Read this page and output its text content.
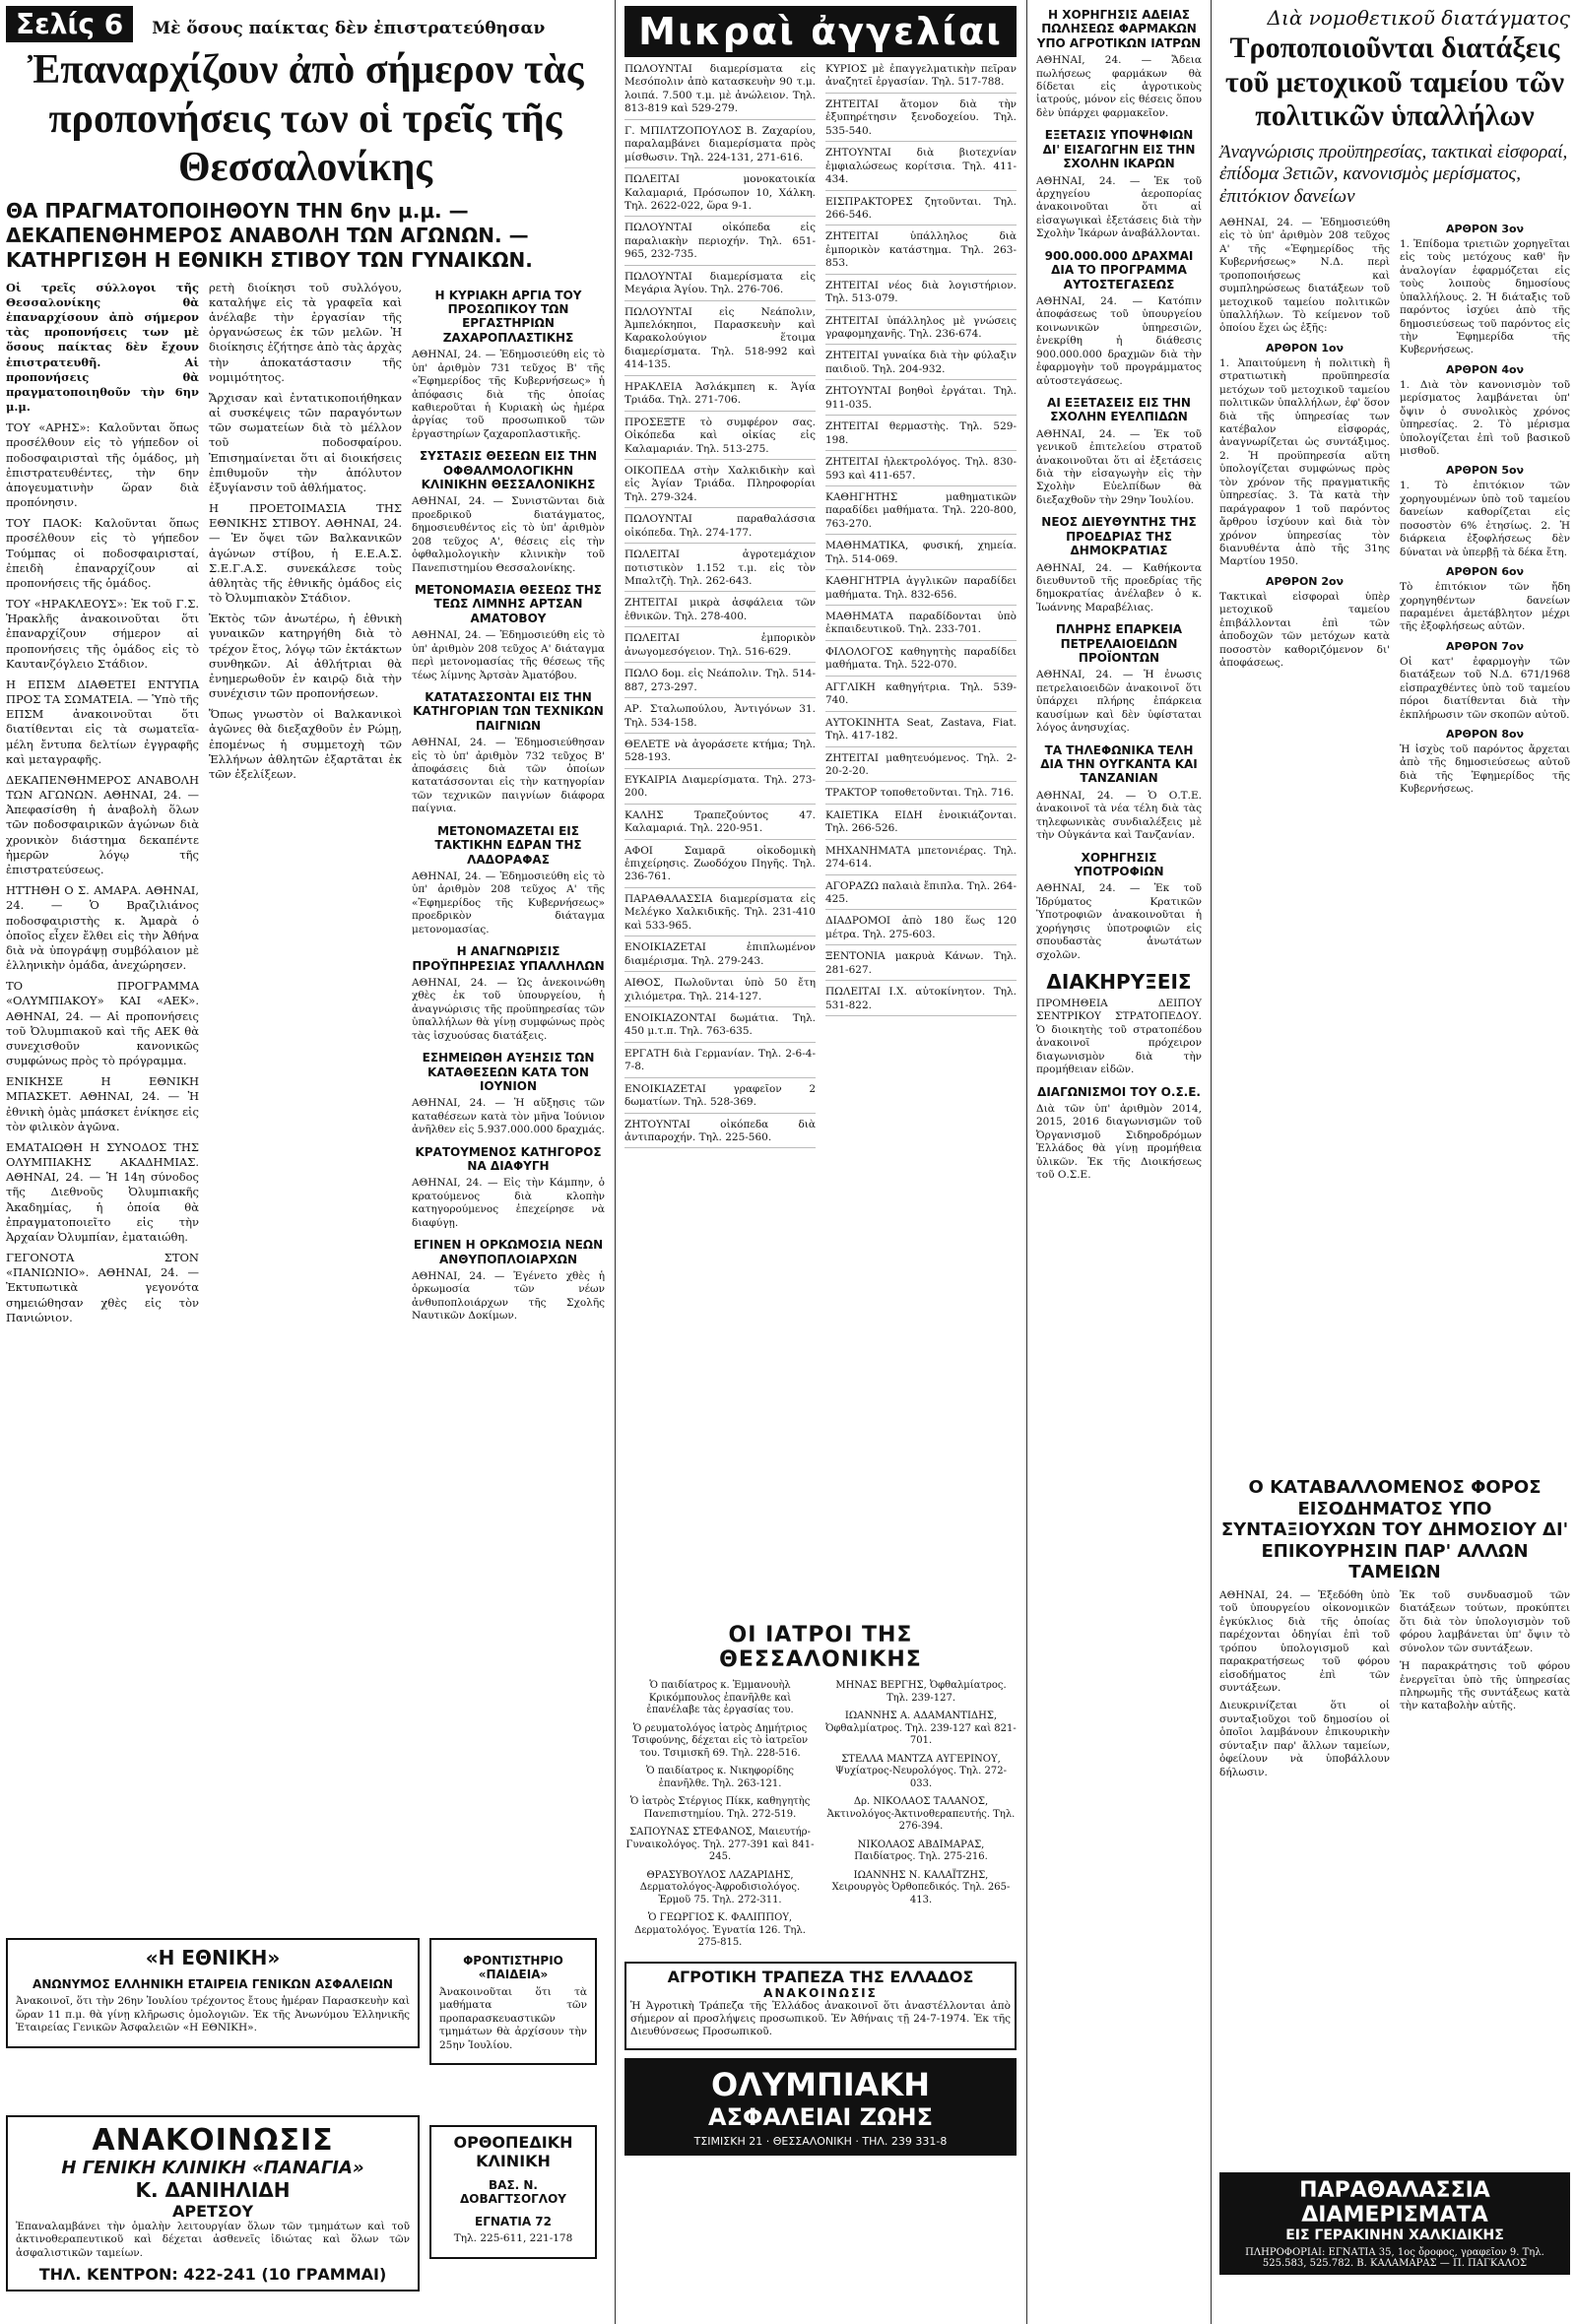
Σελίς 6 Μὲ ὅσους παίκτας δὲν ἐπιστρατεύθησαν
Ἐπαναρχίζουν ἀπὸ σήμερον τὰς προπονήσεις των οἱ τρεῖς τῆς Θεσσαλονίκης
ΘΑ ΠΡΑΓΜΑΤΟΠΟΙΗΘΟΥΝ ΤΗΝ 6ην μ.μ. — ΔΕΚΑΠΕΝΘΗΜΕΡΟΣ ΑΝΑΒΟΛΗ ΤΩΝ ΑΓΩΝΩΝ. — ΚΑΤΗΡΓΙΣΘΗ Η ΕΘΝΙΚΗ ΣΤΙΒΟΥ ΤΩΝ ΓΥΝΑΙΚΩΝ.

Οἱ τρεῖς σύλλογοι τῆς Θεσσαλονίκης θὰ ἐπαναρχίσουν ἀπὸ σήμερον τὰς προπονήσεις των μὲ ὅσους παίκτας δὲν ἔχουν ἐπιστρατευθῆ. Αἱ προπονήσεις θὰ πραγματοποιηθοῦν τὴν 6ην μ.μ.

ΤΟΥ «ΑΡΗΣ»: Καλοῦνται ὅπως προσέλθουν εἰς τὸ γήπεδον οἱ ποδοσφαιρισταὶ τῆς ὁμάδος, μὴ ἐπιστρατευθέντες, τὴν 6ην ἀπογευματινὴν ὥραν διὰ προπόνησιν.

ΤΟΥ ΠΑΟΚ: Καλοῦνται ὅπως προσέλθουν εἰς τὸ γήπεδον Τούμπας οἱ ποδοσφαιρισταί, ἐπειδὴ ἐπαναρχίζουν αἱ προπονήσεις τῆς ὁμάδος.

ΤΟΥ «ΗΡΑΚΛΕΟΥΣ»: Ἐκ τοῦ Γ.Σ. Ἡρακλῆς ἀνακοινοῦται ὅτι ἐπαναρχίζουν σήμερον αἱ προπονήσεις τῆς ὁμάδος εἰς τὸ Καυτανζόγλειο Στάδιον.

Η ΕΠΣΜ ΔΙΑΘΕΤΕΙ ΕΝΤΥΠΑ ΠΡΟΣ ΤΑ ΣΩΜΑΤΕΙΑ. — Ὑπὸ τῆς ΕΠΣΜ ἀνακοινοῦται ὅτι διατίθενται εἰς τὰ σωματεῖα-μέλη ἔντυπα δελτίων ἐγγραφῆς καὶ μεταγραφῆς.

ΔΕΚΑΠΕΝΘΗΜΕΡΟΣ ΑΝΑΒΟΛΗ ΤΩΝ ΑΓΩΝΩΝ. ΑΘΗΝΑΙ, 24. — Ἀπεφασίσθη ἡ ἀναβολὴ ὅλων τῶν ποδοσφαιρικῶν ἀγώνων διὰ χρονικὸν διάστημα δεκαπέντε ἡμερῶν λόγῳ τῆς ἐπιστρατεύσεως.

ΗΤΤΗΘΗ Ο Σ. ΑΜΑΡΑ. ΑΘΗΝΑΙ, 24. — Ὁ Βραζιλιάνος ποδοσφαιριστὴς κ. Ἀμαρὰ ὁ ὁποῖος εἶχεν ἔλθει εἰς τὴν Ἀθήνα διὰ νὰ ὑπογράψῃ συμβόλαιον μὲ ἑλληνικὴν ὁμάδα, ἀνεχώρησεν.

ΤΟ ΠΡΟΓΡΑΜΜΑ «ΟΛΥΜΠΙΑΚΟΥ» ΚΑΙ «ΑΕΚ». ΑΘΗΝΑΙ, 24. — Αἱ προπονήσεις τοῦ Ὀλυμπιακοῦ καὶ τῆς ΑΕΚ θὰ συνεχισθοῦν κανονικῶς συμφώνως πρὸς τὸ πρόγραμμα.

ΕΝΙΚΗΣΕ Η ΕΘΝΙΚΗ ΜΠΑΣΚΕΤ. ΑΘΗΝΑΙ, 24. — Ἡ ἐθνικὴ ὁμὰς μπάσκετ ἐνίκησε εἰς τὸν φιλικὸν ἀγῶνα.

ΕΜΑΤΑΙΩΘΗ Η ΣΥΝΟΔΟΣ ΤΗΣ ΟΛΥΜΠΙΑΚΗΣ ΑΚΑΔΗΜΙΑΣ. ΑΘΗΝΑΙ, 24. — Ἡ 14η σύνοδος τῆς Διεθνοῦς Ὀλυμπιακῆς Ἀκαδημίας, ἡ ὁποία θὰ ἐπραγματοποιεῖτο εἰς τὴν Ἀρχαίαν Ὀλυμπίαν, ἐματαιώθη.

ΓΕΓΟΝΟΤΑ ΣΤΟΝ «ΠΑΝΙΩΝΙΟ». ΑΘΗΝΑΙ, 24. — Ἐκτυπωτικὰ γεγονότα σημειώθησαν χθὲς εἰς τὸν Πανιώνιον.

ρετὴ διοίκησι τοῦ συλλόγου, καταλήψε εἰς τὰ γραφεῖα καὶ ἀνέλαβε τὴν ἐργασίαν τῆς ὀργανώσεως ἐκ τῶν μελῶν. Ἡ διοίκησις ἐζήτησε ἀπὸ τὰς ἀρχὰς τὴν ἀποκατάστασιν τῆς νομιμότητος.

Ἄρχισαν καὶ ἐντατικοποιήθηκαν αἱ συσκέψεις τῶν παραγόντων τῶν σωματείων διὰ τὸ μέλλον τοῦ ποδοσφαίρου. Ἐπισημαίνεται ὅτι αἱ διοικήσεις ἐπιθυμοῦν τὴν ἀπόλυτον ἐξυγίανσιν τοῦ ἀθλήματος.

Η ΠΡΟΕΤΟΙΜΑΣΙΑ ΤΗΣ ΕΘΝΙΚΗΣ ΣΤΙΒΟΥ. ΑΘΗΝΑΙ, 24. — Ἐν ὄψει τῶν Βαλκανικῶν ἀγώνων στίβου, ἡ Ε.Ε.Α.Σ. Σ.Ε.Γ.Α.Σ. συνεκάλεσε τοὺς ἀθλητὰς τῆς ἐθνικῆς ὁμάδος εἰς τὸ Ὀλυμπιακὸν Στάδιον.

Ἐκτὸς τῶν ἀνωτέρω, ἡ ἐθνικὴ γυναικῶν κατηργήθη διὰ τὸ τρέχον ἔτος, λόγῳ τῶν ἐκτάκτων συνθηκῶν. Αἱ ἀθλήτριαι θὰ ἐνημερωθοῦν ἐν καιρῷ διὰ τὴν συνέχισιν τῶν προπονήσεων.

Ὅπως γνωστὸν οἱ Βαλκανικοὶ ἀγῶνες θὰ διεξαχθοῦν ἐν Ρώμῃ, ἐπομένως ἡ συμμετοχὴ τῶν Ἑλλήνων ἀθλητῶν ἐξαρτᾶται ἐκ τῶν ἐξελίξεων.

Η ΚΥΡΙΑΚΗ ΑΡΓΙΑ ΤΟΥ ΠΡΟΣΩΠΙΚΟΥ ΤΩΝ ΕΡΓΑΣΤΗΡΙΩΝ ΖΑΧΑΡΟΠΛΑΣΤΙΚΗΣ

ΑΘΗΝΑΙ, 24. — Ἐδημοσιεύθη εἰς τὸ ὑπ' ἀριθμὸν 731 τεῦχος Β' τῆς «Ἐφημερίδος τῆς Κυβερνήσεως» ἡ ἀπόφασις διὰ τῆς ὁποίας καθιεροῦται ἡ Κυριακὴ ὡς ἡμέρα ἀργίας τοῦ προσωπικοῦ τῶν ἐργαστηρίων ζαχαροπλαστικῆς.

ΣΥΣΤΑΣΙΣ ΘΕΣΕΩΝ ΕΙΣ ΤΗΝ ΟΦΘΑΛΜΟΛΟΓΙΚΗΝ ΚΛΙΝΙΚΗΝ ΘΕΣΣΑΛΟΝΙΚΗΣ

ΑΘΗΝΑΙ, 24. — Συνιστῶνται διὰ προεδρικοῦ διατάγματος, δημοσιευθέντος εἰς τὸ ὑπ' ἀριθμὸν 208 τεῦχος Α', θέσεις εἰς τὴν ὀφθαλμολογικὴν κλινικὴν τοῦ Πανεπιστημίου Θεσσαλονίκης.

ΜΕΤΟΝΟΜΑΣΙΑ ΘΕΣΕΩΣ ΤΗΣ ΤΕΩΣ ΛΙΜΝΗΣ ΑΡΤΣΑΝ ΑΜΑΤΟΒΟΥ

ΑΘΗΝΑΙ, 24. — Ἐδημοσιεύθη εἰς τὸ ὑπ' ἀριθμὸν 208 τεῦχος Α' διάταγμα περὶ μετονομασίας τῆς θέσεως τῆς τέως λίμνης Ἀρτσὰν Ἀματόβου.

ΚΑΤΑΤΑΣΣΟΝΤΑΙ ΕΙΣ ΤΗΝ ΚΑΤΗΓΟΡΙΑΝ ΤΩΝ ΤΕΧΝΙΚΩΝ ΠΑΙΓΝΙΩΝ

ΑΘΗΝΑΙ, 24. — Ἐδημοσιεύθησαν εἰς τὸ ὑπ' ἀριθμὸν 732 τεῦχος Β' ἀποφάσεις διὰ τῶν ὁποίων κατατάσσονται εἰς τὴν κατηγορίαν τῶν τεχνικῶν παιγνίων διάφορα παίγνια.

ΜΕΤΟΝΟΜΑΖΕΤΑΙ ΕΙΣ ΤΑΚΤΙΚΗΝ ΕΔΡΑΝ ΤΗΣ ΛΑΔΟΡΑΦΑΣ

ΑΘΗΝΑΙ, 24. — Ἐδημοσιεύθη εἰς τὸ ὑπ' ἀριθμὸν 208 τεῦχος Α' τῆς «Ἐφημερίδος τῆς Κυβερνήσεως» προεδρικὸν διάταγμα μετονομασίας.

Η ΑΝΑΓΝΩΡΙΣΙΣ ΠΡΟΫΠΗΡΕΣΙΑΣ ΥΠΑΛΛΗΛΩΝ

ΑΘΗΝΑΙ, 24. — Ὡς ἀνεκοινώθη χθὲς ἐκ τοῦ ὑπουργείου, ἡ ἀναγνώρισις τῆς προϋπηρεσίας τῶν ὑπαλλήλων θὰ γίνῃ συμφώνως πρὸς τὰς ἰσχυούσας διατάξεις.

ΕΣΗΜΕΙΩΘΗ ΑΥΞΗΣΙΣ ΤΩΝ ΚΑΤΑΘΕΣΕΩΝ ΚΑΤΑ ΤΟΝ ΙΟΥΝΙΟΝ

ΑΘΗΝΑΙ, 24. — Ἡ αὔξησις τῶν καταθέσεων κατὰ τὸν μῆνα Ἰούνιον ἀνῆλθεν εἰς 5.937.000.000 δραχμάς.

ΚΡΑΤΟΥΜΕΝΟΣ ΚΑΤΗΓΟΡΟΣ ΝΑ ΔΙΑΦΥΓΗ

ΑΘΗΝΑΙ, 24. — Εἰς τὴν Κάμπην, ὁ κρατούμενος διὰ κλοπὴν κατηγορούμενος ἐπεχείρησε νὰ διαφύγῃ.

ΕΓΙΝΕΝ Η ΟΡΚΩΜΟΣΙΑ ΝΕΩΝ ΑΝΘΥΠΟΠΛΟΙΑΡΧΩΝ

ΑΘΗΝΑΙ, 24. — Ἐγένετο χθὲς ἡ ὁρκωμοσία τῶν νέων ἀνθυποπλοιάρχων τῆς Σχολῆς Ναυτικῶν Δοκίμων.

«Η ΕΘΝΙΚΗ»
ΑΝΩΝΥΜΟΣ ΕΛΛΗΝΙΚΗ ΕΤΑΙΡΕΙΑ ΓΕΝΙΚΩΝ ΑΣΦΑΛΕΙΩΝ

Ἀνακοινοῖ, ὅτι τὴν 26ην Ἰουλίου τρέχοντος ἔτους ἡμέραν Παρασκευὴν καὶ ὥραν 11 π.μ. θὰ γίνῃ κλῆρωσις ὁμολογιῶν. Ἐκ τῆς Ἀνωνύμου Ἑλληνικῆς Ἑταιρείας Γενικῶν Ἀσφαλειῶν «Η ΕΘΝΙΚΗ».

ΑΝΑΚΟΙΝΩΣΙΣ
Η ΓΕΝΙΚΗ ΚΛΙΝΙΚΗ «ΠΑΝΑΓΙΑ»
Κ. ΔΑΝΙΗΛΙΔΗ
ΑΡΕΤΣΟΥ

Ἐπαναλαμβάνει τὴν ὁμαλὴν λειτουργίαν ὅλων τῶν τμημάτων καὶ τοῦ ἀκτινοθεραπευτικοῦ καὶ δέχεται ἀσθενεῖς ἰδιώτας καὶ ὅλων τῶν ἀσφαλιστικῶν ταμείων.

ΤΗΛ. ΚΕΝΤΡΟΝ: 422-241 (10 ΓΡΑΜΜΑΙ)
ΦΡΟΝΤΙΣΤΗΡΙΟ «ΠΑΙΔΕΙΑ»

Ἀνακοινοῦται ὅτι τὰ μαθήματα τῶν προπαρασκευαστικῶν τμημάτων θὰ ἀρχίσουν τὴν 25ην Ἰουλίου.

ΟΡΘΟΠΕΔΙΚΗ ΚΛΙΝΙΚΗ
ΒΑΣ. Ν. ΔΟΒΑΓΤΣΟΓΛΟΥ
ΕΓΝΑΤΙΑ 72
Τηλ. 225-611, 221-178
Μικραὶ ἀγγελίαι

ΠΩΛΟΥΝΤΑΙ διαμερίσματα εἰς Μεσόπολιν ἀπὸ κατασκευὴν 90 τ.μ. λοιπά. 7.500 τ.μ. μὲ ἀνώλειον. Τηλ. 813-819 καὶ 529-279.

Γ. ΜΠΙΛΤΖΟΠΟΥΛΟΣ Β. Ζαχαρίου, παραλαμβάνει διαμερίσματα πρὸς μίσθωσιν. Τηλ. 224-131, 271-616.

ΠΩΛΕΙΤΑΙ μονοκατοικία Καλαμαριά, Πρόσωπον 10, Χάλκη. Τηλ. 2622-022, ὥρα 9-1.

ΠΩΛΟΥΝΤΑΙ οἰκόπεδα εἰς παραλιακὴν περιοχήν. Τηλ. 651-965, 232-735.

ΠΩΛΟΥΝΤΑΙ διαμερίσματα εἰς Μεγάρια Ἁγίου. Τηλ. 276-706.

ΠΩΛΟΥΝΤΑΙ εἰς Νεάπολιν, Ἀμπελόκηποι, Παρασκευὴν καὶ Καρακολούγιον ἕτοιμα διαμερίσματα. Τηλ. 518-992 καὶ 414-135.

ΗΡΑΚΛΕΙΑ Ἀσλάκμπεη κ. Ἁγία Τριάδα. Τηλ. 271-706.

ΠΡΟΣΕΞΤΕ τὸ συμφέρον σας. Οἰκόπεδα καὶ οἰκίας εἰς Καλαμαριάν. Τηλ. 513-275.

ΟΙΚΟΠΕΔΑ στὴν Χαλκιδικὴν καὶ εἰς Ἁγίαν Τριάδα. Πληροφορίαι Τηλ. 279-324.

ΠΩΛΟΥΝΤΑΙ παραθαλάσσια οἰκόπεδα. Τηλ. 274-177.

ΠΩΛΕΙΤΑΙ ἀγροτεμάχιον ποτιστικὸν 1.152 τ.μ. εἰς τὸν Μπαλτζὴ. Τηλ. 262-643.

ΖΗΤΕΙΤΑΙ μικρὰ ἀσφάλεια τῶν ἐθνικῶν. Τηλ. 278-400.

ΠΩΛΕΙΤΑΙ ἐμπορικὸν ἀνωγομεσόγειον. Τηλ. 516-629.

ΠΩΛΟ δομ. εἰς Νεάπολιν. Τηλ. 514-887, 273-297.

ΑΡ. Σταλωπούλου, Ἀντιγόνων 31. Τηλ. 534-158.

ΘΕΛΕΤΕ νὰ ἀγοράσετε κτήμα; Τηλ. 528-193.

ΕΥΚΑΙΡΙΑ Διαμερίσματα. Τηλ. 273-200.

ΚΑΛΗΣ Τραπεζούντος 47. Καλαμαριά. Τηλ. 220-951.

ΑΦΟΙ Σαμαρᾶ οἰκοδομικὴ ἐπιχείρησις. Ζωοδόχου Πηγῆς. Τηλ. 236-761.

ΠΑΡΑΘΑΛΑΣΣΙΑ διαμερίσματα εἰς Μελέγκο Χαλκιδικῆς. Τηλ. 231-410 καὶ 533-965.

ΕΝΟΙΚΙΑΖΕΤΑΙ ἐπιπλωμένον διαμέρισμα. Τηλ. 279-243.

ΑΙΘΟΣ, Πωλοῦνται ὑπὸ 50 ἔτη χιλιόμετρα. Τηλ. 214-127.

ΕΝΟΙΚΙΑΖΟΝΤΑΙ δωμάτια. Τηλ. 450 μ.τ.π. Τηλ. 763-635.

ΕΡΓΑΤΗ διὰ Γερμανίαν. Τηλ. 2-6-4-7-8.

ΕΝΟΙΚΙΑΖΕΤΑΙ γραφεῖον 2 δωματίων. Τηλ. 528-369.

ΖΗΤΟΥΝΤΑΙ οἰκόπεδα διὰ ἀντιπαροχήν. Τηλ. 225-560.

ΚΥΡΙΟΣ μὲ ἐπαγγελματικὴν πεῖραν ἀναζητεῖ ἐργασίαν. Τηλ. 517-788.

ΖΗΤΕΙΤΑΙ ἄτομον διὰ τὴν ἐξυπηρέτησιν ξενοδοχείου. Τηλ. 535-540.

ΖΗΤΟΥΝΤΑΙ διὰ βιοτεχνίαν ἐμφιαλώσεως κορίτσια. Τηλ. 411-434.

ΕΙΣΠΡΑΚΤΟΡΕΣ ζητοῦνται. Τηλ. 266-546.

ΖΗΤΕΙΤΑΙ ὑπάλληλος διὰ ἐμπορικὸν κατάστημα. Τηλ. 263-853.

ΖΗΤΕΙΤΑΙ νέος διὰ λογιστήριον. Τηλ. 513-079.

ΖΗΤΕΙΤΑΙ ὑπάλληλος μὲ γνώσεις γραφομηχανῆς. Τηλ. 236-674.

ΖΗΤΕΙΤΑΙ γυναίκα διὰ τὴν φύλαξιν παιδιοῦ. Τηλ. 204-932.

ΖΗΤΟΥΝΤΑΙ βοηθοὶ ἐργάται. Τηλ. 911-035.

ΖΗΤΕΙΤΑΙ θερμαστὴς. Τηλ. 529-198.

ΖΗΤΕΙΤΑΙ ἠλεκτρολόγος. Τηλ. 830-593 καὶ 411-657.

ΚΑΘΗΓΗΤΗΣ μαθηματικῶν παραδίδει μαθήματα. Τηλ. 220-800, 763-270.

ΜΑΘΗΜΑΤΙΚΑ, φυσική, χημεία. Τηλ. 514-069.

ΚΑΘΗΓΗΤΡΙΑ ἀγγλικῶν παραδίδει μαθήματα. Τηλ. 832-656.

ΜΑΘΗΜΑΤΑ παραδίδονται ὑπὸ ἐκπαιδευτικοῦ. Τηλ. 233-701.

ΦΙΛΟΛΟΓΟΣ καθηγητὴς παραδίδει μαθήματα. Τηλ. 522-070.

ΑΓΓΛΙΚΗ καθηγήτρια. Τηλ. 539-740.

ΑΥΤΟΚΙΝΗΤΑ Seat, Zastava, Fiat. Τηλ. 417-182.

ΖΗΤΕΙΤΑΙ μαθητευόμενος. Τηλ. 2-20-2-20.

ΤΡΑΚΤΟΡ τοποθετοῦνται. Τηλ. 716.

ΚΑΙΕΤΙΚΑ ΕΙΔΗ ἐνοικιάζονται. Τηλ. 266-526.

ΜΗΧΑΝΗΜΑΤΑ μπετονιέρας. Τηλ. 274-614.

ΑΓΟΡΑΖΩ παλαιὰ ἔπιπλα. Τηλ. 264-425.

ΔΙΑΔΡΟΜΟΙ ἀπὸ 180 ἕως 120 μέτρα. Τηλ. 275-603.

ΞΕΝΤΟΝΙΑ μακρυὰ Κάνων. Τηλ. 281-627.

ΠΩΛΕΙΤΑΙ Ι.Χ. αὐτοκίνητον. Τηλ. 531-822.

ΟΙ ΙΑΤΡΟΙ ΤΗΣ ΘΕΣΣΑΛΟΝΙΚΗΣ

Ὁ παιδίατρος κ. Ἐμμανουὴλ Κρικόμπουλος ἐπανῆλθε καὶ ἐπανέλαβε τὰς ἐργασίας του.

Ὁ ρευματολόγος ἰατρὸς Δημήτριος Τσιφούνης, δέχεται εἰς τὸ ἰατρεῖον του. Τσιμισκῆ 69. Τηλ. 228-516.

Ὁ παιδίατρος κ. Νικηφορίδης ἐπανῆλθε. Τηλ. 263-121.

Ὁ ἰατρὸς Στέργιος Πίκκ, καθηγητὴς Πανεπιστημίου. Τηλ. 272-519.

ΣΑΠΟΥΝΑΣ ΣΤΕΦΑΝΟΣ, Μαιευτήρ-Γυναικολόγος. Τηλ. 277-391 καὶ 841-245.

ΘΡΑΣΥΒΟΥΛΟΣ ΛΑΖΑΡΙΔΗΣ, Δερματολόγος-Ἀφροδισιολόγος. Ἑρμοῦ 75. Τηλ. 272-311.

Ὁ ΓΕΩΡΓΙΟΣ Κ. ΦΑΛΙΠΠΟΥ, Δερματολόγος. Ἐγνατία 126. Τηλ. 275-815.

ΜΗΝΑΣ ΒΕΡΓΗΣ, Ὀφθαλμίατρος. Τηλ. 239-127.

ΙΩΑΝΝΗΣ Α. ΑΔΑΜΑΝΤΙΔΗΣ, Ὀφθαλμίατρος. Τηλ. 239-127 καὶ 821-701.

ΣΤΕΛΛΑ ΜΑΝΤΖΑ ΑΥΓΕΡΙΝΟΥ, Ψυχίατρος-Νευρολόγος. Τηλ. 272-033.

Δρ. ΝΙΚΟΛΑΟΣ ΤΑΛΑΝΟΣ, Ἀκτινολόγος-Ἀκτινοθεραπευτής. Τηλ. 276-394.

ΝΙΚΟΛΑΟΣ ΑΒΔΙΜΑΡΑΣ, Παιδίατρος. Τηλ. 275-216.

ΙΩΑΝΝΗΣ Ν. ΚΑΛΑΪΤΖΗΣ, Χειρουργὸς Ὀρθοπεδικός. Τηλ. 265-413.

ΑΓΡΟΤΙΚΗ ΤΡΑΠΕΖΑ ΤΗΣ ΕΛΛΑΔΟΣ
ΑΝΑΚΟΙΝΩΣΙΣ

Ἡ Ἀγροτικὴ Τράπεζα τῆς Ἑλλάδος ἀνακοινοῖ ὅτι ἀναστέλλονται ἀπὸ σήμερον αἱ προσλήψεις προσωπικοῦ. Ἐν Ἀθήναις τῇ 24-7-1974. Ἐκ τῆς Διευθύνσεως Προσωπικοῦ.

ΟΛΥΜΠΙΑΚΗ
ΑΣΦΑΛΕΙΑΙ ΖΩΗΣ
ΤΣΙΜΙΣΚΗ 21 · ΘΕΣΣΑΛΟΝΙΚΗ · ΤΗΛ. 239 331-8
Η ΧΟΡΗΓΗΣΙΣ ΑΔΕΙΑΣ ΠΩΛΗΣΕΩΣ ΦΑΡΜΑΚΩΝ ΥΠΟ ΑΓΡΟΤΙΚΩΝ ΙΑΤΡΩΝ

ΑΘΗΝΑΙ, 24. — Ἄδεια πωλήσεως φαρμάκων θὰ δίδεται εἰς ἀγροτικοὺς ἰατρούς, μόνον εἰς θέσεις ὅπου δὲν ὑπάρχει φαρμακεῖον.

ΕΞΕΤΑΣΙΣ ΥΠΟΨΗΦΙΩΝ ΔΙ' ΕΙΣΑΓΩΓΗΝ ΕΙΣ ΤΗΝ ΣΧΟΛΗΝ ΙΚΑΡΩΝ

ΑΘΗΝΑΙ, 24. — Ἐκ τοῦ ἀρχηγείου ἀεροπορίας ἀνακοινοῦται ὅτι αἱ εἰσαγωγικαὶ ἐξετάσεις διὰ τὴν Σχολὴν Ἰκάρων ἀναβάλλονται.

900.000.000 ΔΡΑΧΜΑΙ ΔΙΑ ΤΟ ΠΡΟΓΡΑΜΜΑ ΑΥΤΟΣΤΕΓΑΣΕΩΣ

ΑΘΗΝΑΙ, 24. — Κατόπιν ἀποφάσεως τοῦ ὑπουργείου κοινωνικῶν ὑπηρεσιῶν, ἐνεκρίθη ἡ διάθεσις 900.000.000 δραχμῶν διὰ τὴν ἐφαρμογὴν τοῦ προγράμματος αὐτοστεγάσεως.

ΑΙ ΕΞΕΤΑΣΕΙΣ ΕΙΣ ΤΗΝ ΣΧΟΛΗΝ ΕΥΕΛΠΙΔΩΝ

ΑΘΗΝΑΙ, 24. — Ἐκ τοῦ γενικοῦ ἐπιτελείου στρατοῦ ἀνακοινοῦται ὅτι αἱ ἐξετάσεις διὰ τὴν εἰσαγωγὴν εἰς τὴν Σχολὴν Εὐελπίδων θὰ διεξαχθοῦν τὴν 29ην Ἰουλίου.

ΝΕΟΣ ΔΙΕΥΘΥΝΤΗΣ ΤΗΣ ΠΡΟΕΔΡΙΑΣ ΤΗΣ ΔΗΜΟΚΡΑΤΙΑΣ

ΑΘΗΝΑΙ, 24. — Καθήκοντα διευθυντοῦ τῆς προεδρίας τῆς δημοκρατίας ἀνέλαβεν ὁ κ. Ἰωάννης Μαραβέλιας.

ΠΛΗΡΗΣ ΕΠΑΡΚΕΙΑ ΠΕΤΡΕΛΑΙΟΕΙΔΩΝ ΠΡΟΪΟΝΤΩΝ

ΑΘΗΝΑΙ, 24. — Ἡ ἐνωσις πετρελαιοειδῶν ἀνακοινοῖ ὅτι ὑπάρχει πλήρης ἐπάρκεια καυσίμων καὶ δὲν ὑφίσταται λόγος ἀνησυχίας.

ΤΑ ΤΗΛΕΦΩΝΙΚΑ ΤΕΛΗ ΔΙΑ ΤΗΝ ΟΥΓΚΑΝΤΑ ΚΑΙ ΤΑΝΖΑΝΙΑΝ

ΑΘΗΝΑΙ, 24. — Ὁ Ο.Τ.Ε. ἀνακοινοῖ τὰ νέα τέλη διὰ τὰς τηλεφωνικὰς συνδιαλέξεις μὲ τὴν Οὐγκάντα καὶ Τανζανίαν.

ΧΟΡΗΓΗΣΙΣ ΥΠΟΤΡΟΦΙΩΝ

ΑΘΗΝΑΙ, 24. — Ἐκ τοῦ Ἰδρύματος Κρατικῶν Ὑποτροφιῶν ἀνακοινοῦται ἡ χορήγησις ὑποτροφιῶν εἰς σπουδαστὰς ἀνωτάτων σχολῶν.

ΔΙΑΚΗΡΥΞΕΙΣ

ΠΡΟΜΗΘΕΙΑ ΔΕΙΠΟΥ ΣΕΝΤΡΙΚΟΥ ΣΤΡΑΤΟΠΕΔΟΥ. Ὁ διοικητὴς τοῦ στρατοπέδου ἀνακοινοῖ πρόχειρον διαγωνισμὸν διὰ τὴν προμήθειαν εἰδῶν.

ΔΙΑΓΩΝΙΣΜΟΙ ΤΟΥ Ο.Σ.Ε.

Διὰ τῶν ὑπ' ἀριθμὸν 2014, 2015, 2016 διαγωνισμῶν τοῦ Ὀργανισμοῦ Σιδηροδρόμων Ἑλλάδος θὰ γίνῃ προμήθεια ὑλικῶν. Ἐκ τῆς Διοικήσεως τοῦ Ο.Σ.Ε.

Διὰ νομοθετικοῦ διατάγματος
Τροποποιοῦνται διατάξεις τοῦ μετοχικοῦ ταμείου τῶν πολιτικῶν ὑπαλλήλων
Ἀναγνώρισις προϋπηρεσίας, τακτικαὶ εἰσφοραί, ἐπίδομα 3ετιῶν, κανονισμὸς μερίσματος, ἐπιτόκιον δανείων

ΑΘΗΝΑΙ, 24. — Ἐδημοσιεύθη εἰς τὸ ὑπ' ἀριθμὸν 208 τεῦχος Α' τῆς «Ἐφημερίδος τῆς Κυβερνήσεως» Ν.Δ. περὶ τροποποιήσεως καὶ συμπληρώσεως διατάξεων τοῦ μετοχικοῦ ταμείου πολιτικῶν ὑπαλλήλων. Τὸ κείμενον τοῦ ὁποίου ἔχει ὡς ἑξῆς:

ΑΡΘΡΟΝ 1ον

1. Ἀπαιτούμενη ἡ πολιτικὴ ἢ στρατιωτικὴ προϋπηρεσία μετόχων τοῦ μετοχικοῦ ταμείου πολιτικῶν ὑπαλλήλων, ἐφ' ὅσον διὰ τῆς ὑπηρεσίας των κατέβαλον εἰσφοράς, ἀναγνωρίζεται ὡς συντάξιμος. 2. Ἡ προϋπηρεσία αὕτη ὑπολογίζεται συμφώνως πρὸς τὸν χρόνον τῆς πραγματικῆς ὑπηρεσίας. 3. Τὰ κατὰ τὴν παράγραφον 1 τοῦ παρόντος ἄρθρου ἰσχύουν καὶ διὰ τὸν χρόνον ὑπηρεσίας τὸν διανυθέντα ἀπὸ τῆς 31ης Μαρτίου 1950.

ΑΡΘΡΟΝ 2ον

Τακτικαὶ εἰσφοραὶ ὑπὲρ μετοχικοῦ ταμείου ἐπιβάλλονται ἐπὶ τῶν ἀποδοχῶν τῶν μετόχων κατὰ ποσοστὸν καθοριζόμενον δι' ἀποφάσεως.

ΑΡΘΡΟΝ 3ον

1. Ἐπίδομα τριετιῶν χορηγεῖται εἰς τοὺς μετόχους καθ' ἣν ἀναλογίαν ἐφαρμόζεται εἰς τοὺς λοιποὺς δημοσίους ὑπαλλήλους. 2. Ἡ διάταξις τοῦ παρόντος ἰσχύει ἀπὸ τῆς δημοσιεύσεως τοῦ παρόντος εἰς τὴν Ἐφημερίδα τῆς Κυβερνήσεως.

ΑΡΘΡΟΝ 4ον

1. Διὰ τὸν κανονισμὸν τοῦ μερίσματος λαμβάνεται ὑπ' ὄψιν ὁ συνολικὸς χρόνος ὑπηρεσίας. 2. Τὸ μέρισμα ὑπολογίζεται ἐπὶ τοῦ βασικοῦ μισθοῦ.

ΑΡΘΡΟΝ 5ον

1. Τὸ ἐπιτόκιον τῶν χορηγουμένων ὑπὸ τοῦ ταμείου δανείων καθορίζεται εἰς ποσοστὸν 6% ἐτησίως. 2. Ἡ διάρκεια ἐξοφλήσεως δὲν δύναται νὰ ὑπερβῇ τὰ δέκα ἔτη.

ΑΡΘΡΟΝ 6ον

Τὸ ἐπιτόκιον τῶν ἤδη χορηγηθέντων δανείων παραμένει ἀμετάβλητον μέχρι τῆς ἐξοφλήσεως αὐτῶν.

ΑΡΘΡΟΝ 7ον

Οἱ κατ' ἐφαρμογὴν τῶν διατάξεων τοῦ Ν.Δ. 671/1968 εἰσπραχθέντες ὑπὸ τοῦ ταμείου πόροι διατίθενται διὰ τὴν ἐκπλήρωσιν τῶν σκοπῶν αὐτοῦ.

ΑΡΘΡΟΝ 8ον

Ἡ ἰσχὺς τοῦ παρόντος ἄρχεται ἀπὸ τῆς δημοσιεύσεως αὐτοῦ διὰ τῆς Ἐφημερίδος τῆς Κυβερνήσεως.

Ο ΚΑΤΑΒΑΛΛΟΜΕΝΟΣ ΦΟΡΟΣ ΕΙΣΟΔΗΜΑΤΟΣ ΥΠΟ ΣΥΝΤΑΞΙΟΥΧΩΝ ΤΟΥ ΔΗΜΟΣΙΟΥ ΔΙ' ΕΠΙΚΟΥΡΗΣΙΝ ΠΑΡ' ΑΛΛΩΝ ΤΑΜΕΙΩΝ

ΑΘΗΝΑΙ, 24. — Ἐξεδόθη ὑπὸ τοῦ ὑπουργείου οἰκονομικῶν ἐγκύκλιος διὰ τῆς ὁποίας παρέχονται ὁδηγίαι ἐπὶ τοῦ τρόπου ὑπολογισμοῦ καὶ παρακρατήσεως τοῦ φόρου εἰσοδήματος ἐπὶ τῶν συντάξεων.

Διευκρινίζεται ὅτι οἱ συνταξιοῦχοι τοῦ δημοσίου οἱ ὁποῖοι λαμβάνουν ἐπικουρικὴν σύνταξιν παρ' ἄλλων ταμείων, ὀφείλουν νὰ ὑποβάλλουν δήλωσιν.

Ἐκ τοῦ συνδυασμοῦ τῶν διατάξεων τούτων, προκύπτει ὅτι διὰ τὸν ὑπολογισμὸν τοῦ φόρου λαμβάνεται ὑπ' ὄψιν τὸ σύνολον τῶν συντάξεων.

Ἡ παρακράτησις τοῦ φόρου ἐνεργεῖται ὑπὸ τῆς ὑπηρεσίας πληρωμῆς τῆς συντάξεως κατὰ τὴν καταβολὴν αὐτῆς.

ΠΑΡΑΘΑΛΑΣΣΙΑ ΔΙΑΜΕΡΙΣΜΑΤΑ
ΕΙΣ ΓΕΡΑΚΙΝΗΝ ΧΑΛΚΙΔΙΚΗΣ
ΠΛΗΡΟΦΟΡΙΑΙ: ΕΓΝΑΤΙΑ 35, 1ος ὄροφος, γραφεῖον 9. Τηλ. 525.583, 525.782. Β. ΚΑΛΑΜΑΡΑΣ — Π. ΠΑΓΚΑΛΟΣ
